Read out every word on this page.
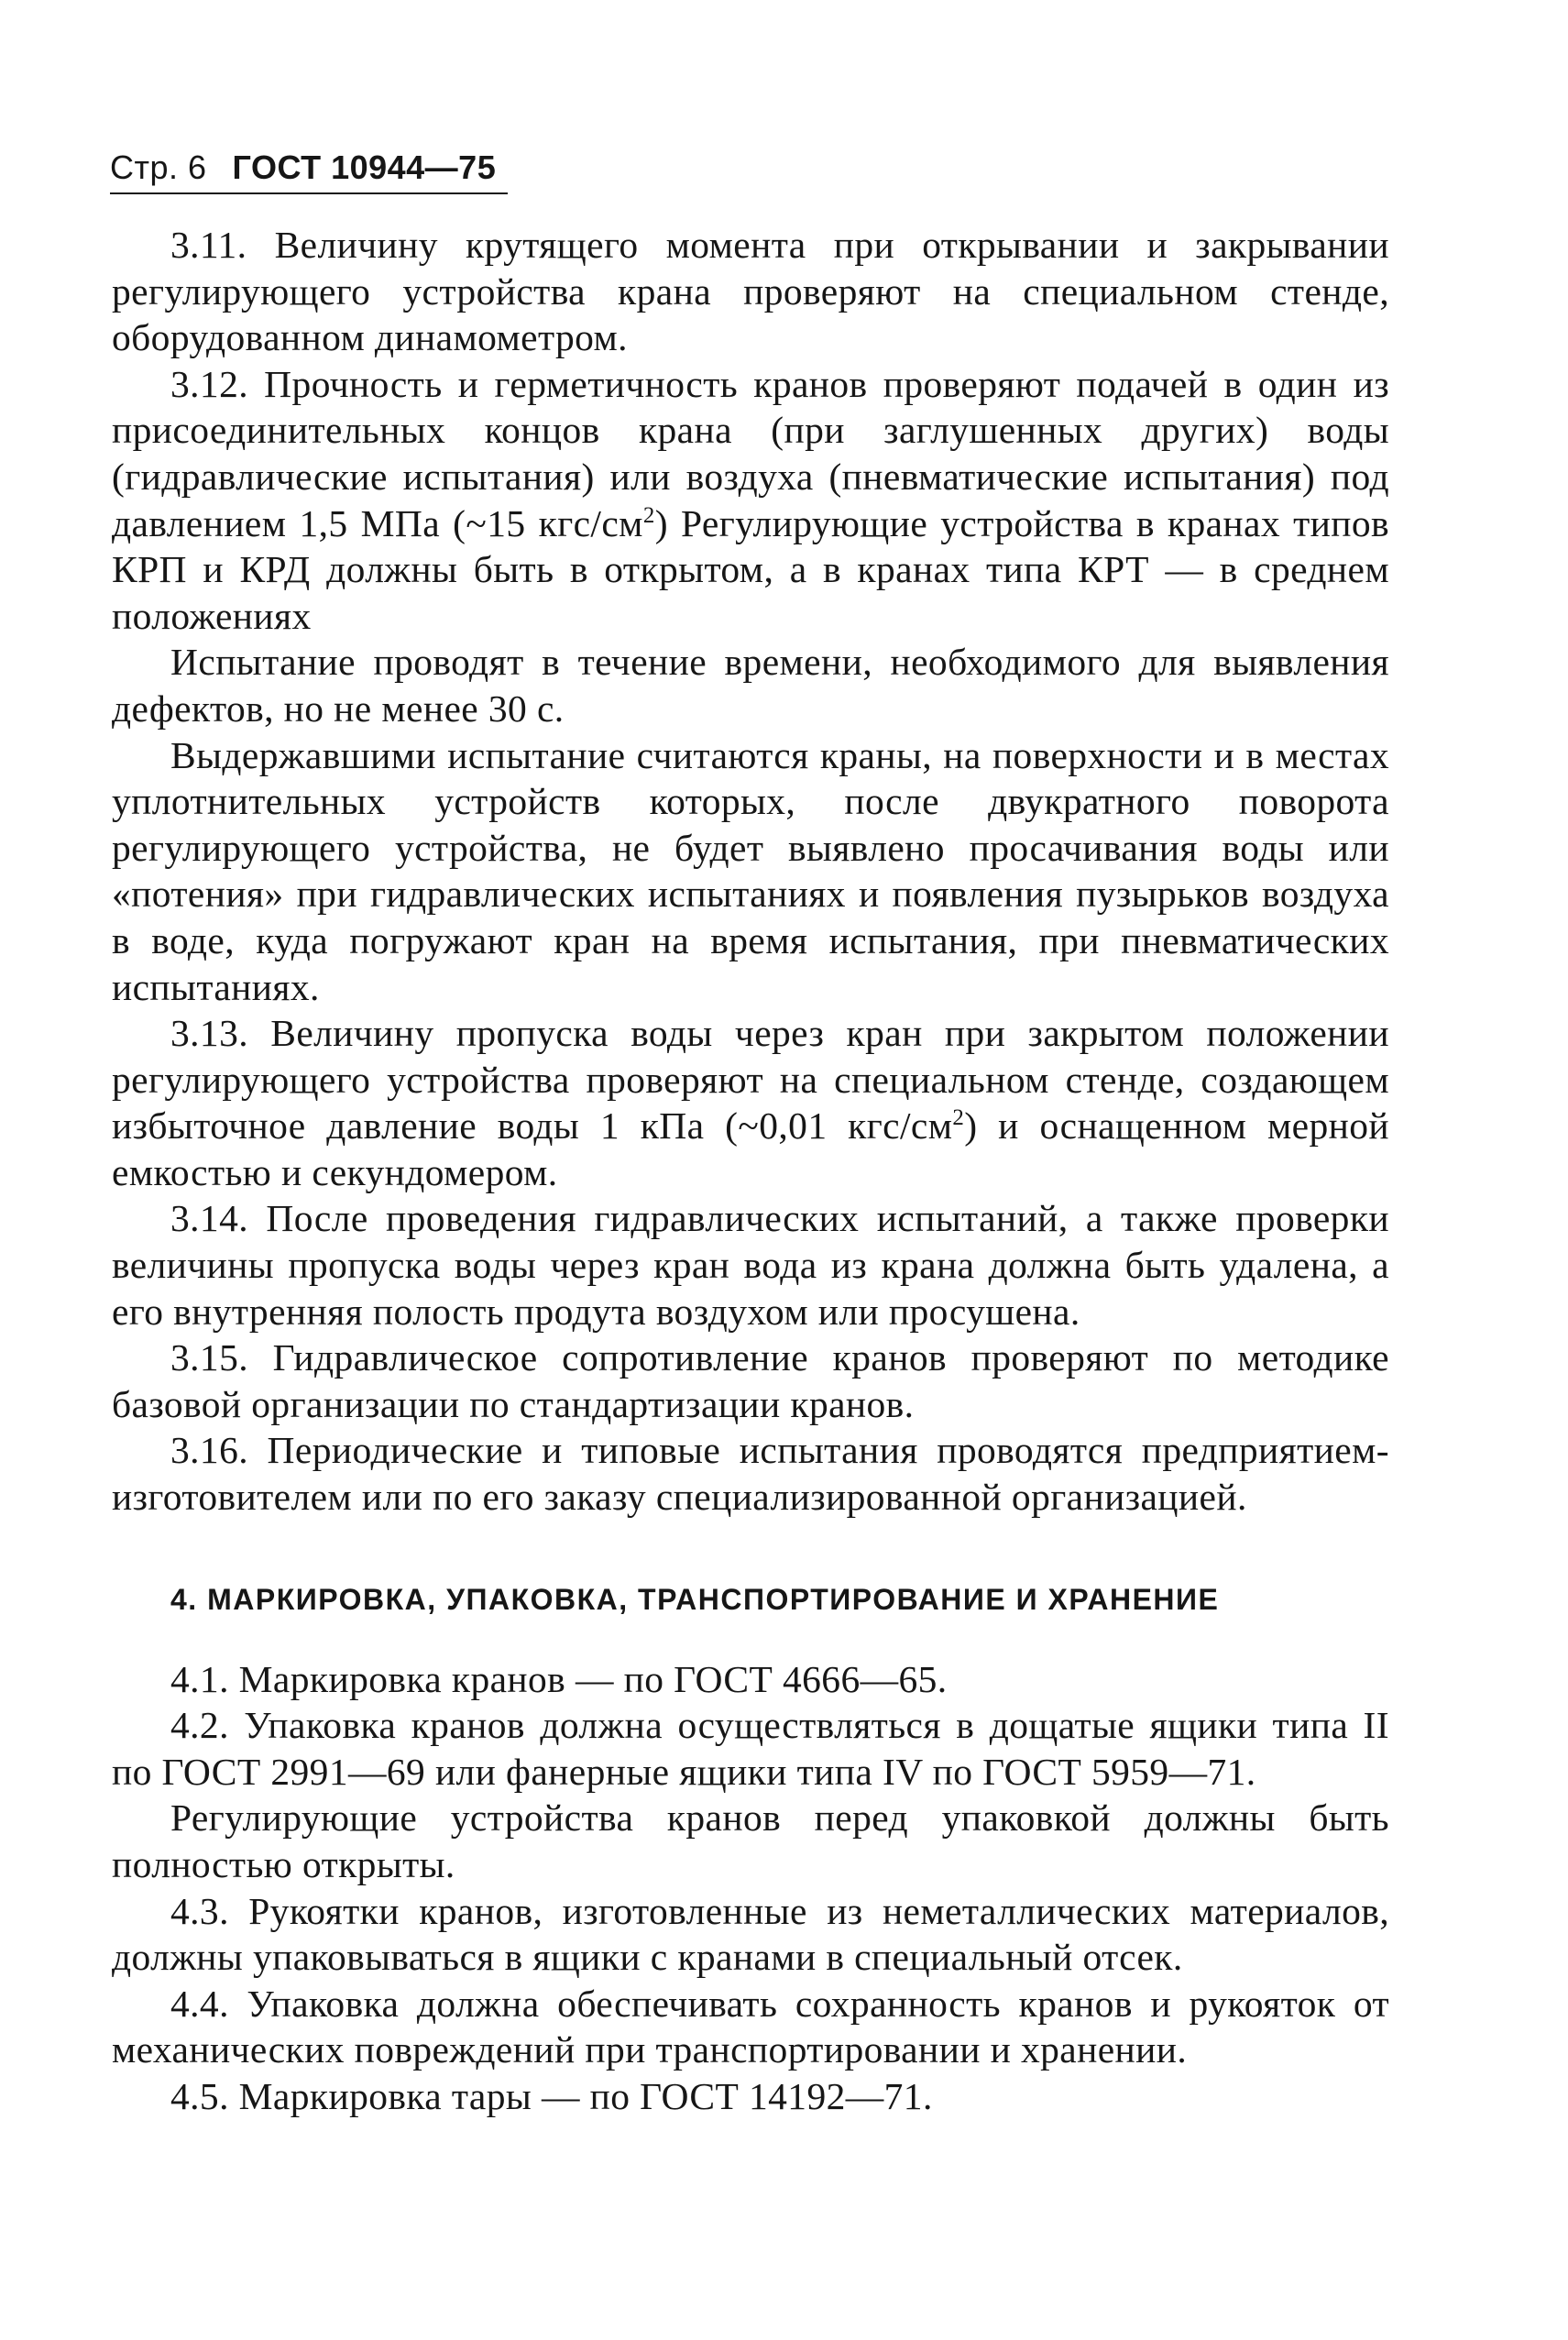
Стр. 6 ГОСТ 10944—75

3.11. Величину крутящего момента при открывании и закрывании регулирующего устройства крана проверяют на специальном стенде, оборудованном динамометром.

3.12. Прочность и герметичность кранов проверяют подачей в один из присоединительных концов крана (при заглушенных других) воды (гидравлические испытания) или воздуха (пневматические испытания) под давлением 1,5 МПа (~15 кгс/$см^2$) Регулирующие устройства в кранах типов КРП и КРД должны быть в открытом, а в кранах типа КРТ — в среднем положениях

Испытание проводят в течение времени, необходимого для выявления дефектов, но не менее 30 с.

Выдержавшими испытание считаются краны, на поверхности и в местах уплотнительных устройств которых, после двукратного поворота регулирующего устройства, не будет выявлено просачивания воды или «потения» при гидравлических испытаниях и появления пузырьков воздуха в воде, куда погружают кран на время испытания, при пневматических испытаниях.

3.13. Величину пропуска воды через кран при закрытом положении регулирующего устройства проверяют на специальном стенде, создающем избыточное давление воды 1 кПа (~0,01 кгс/$см^2$) и оснащенном мерной емкостью и секундомером.

3.14. После проведения гидравлических испытаний, а также проверки величины пропуска воды через кран вода из крана должна быть удалена, а его внутренняя полость продута воздухом или просушена.

3.15. Гидравлическое сопротивление кранов проверяют по методике базовой организации по стандартизации кранов.

3.16. Периодические и типовые испытания проводятся предприятием-изготовителем или по его заказу специализированной организацией.

4. МАРКИРОВКА, УПАКОВКА, ТРАНСПОРТИРОВАНИЕ И ХРАНЕНИЕ

4.1. Маркировка кранов — по ГОСТ 4666—65.

4.2. Упаковка кранов должна осуществляться в дощатые ящики типа II по ГОСТ 2991—69 или фанерные ящики типа IV по ГОСТ 5959—71.

Регулирующие устройства кранов перед упаковкой должны быть полностью открыты.

4.3. Рукоятки кранов, изготовленные из неметаллических материалов, должны упаковываться в ящики с кранами в специальный отсек.

4.4. Упаковка должна обеспечивать сохранность кранов и рукояток от механических повреждений при транспортировании и хранении.

4.5. Маркировка тары — по ГОСТ 14192—71.
